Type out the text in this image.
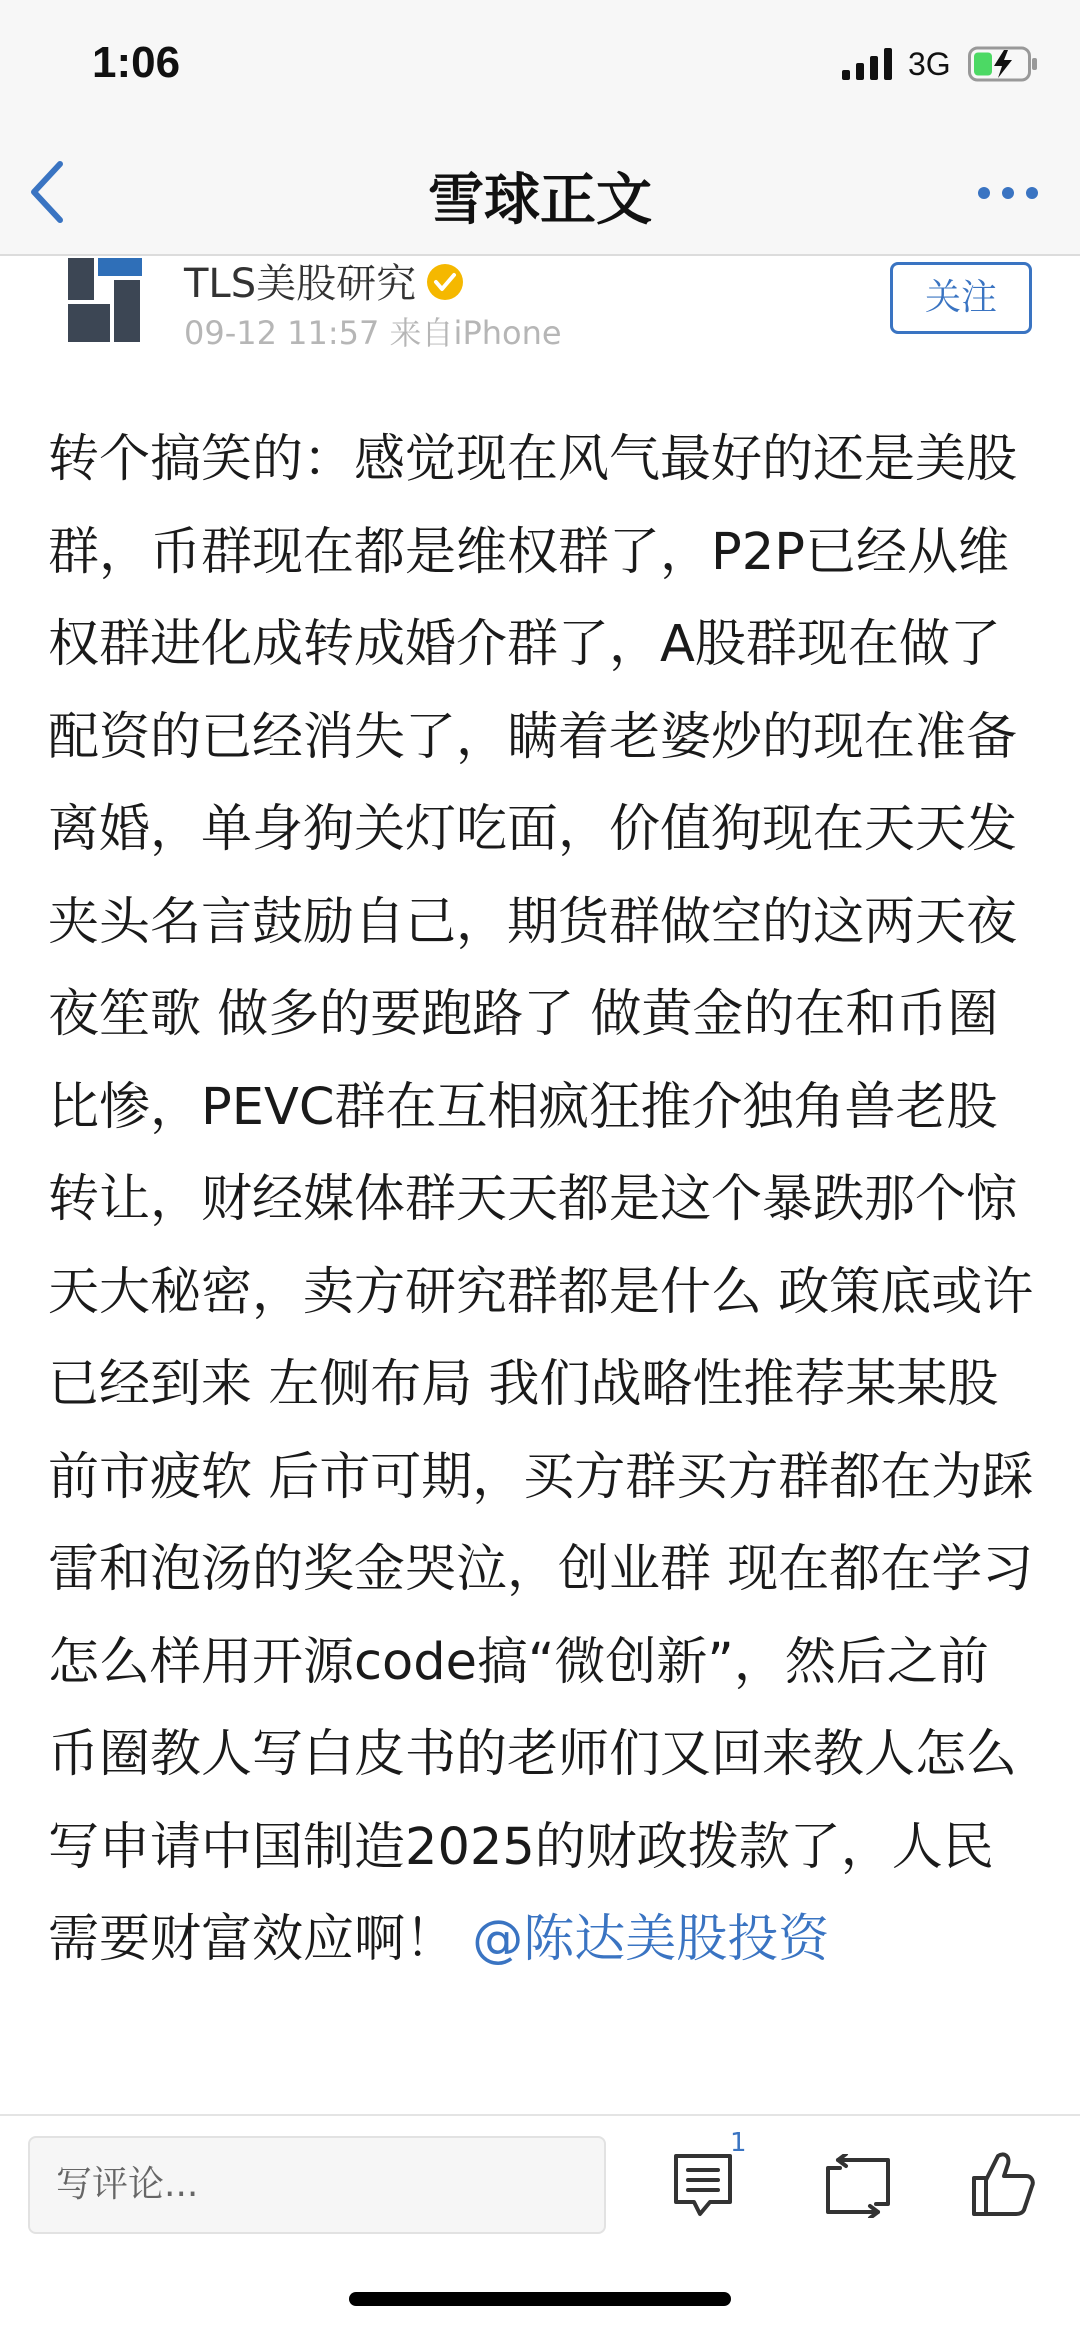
1:06	3G
雪球正文
TLS美股研究
09-12 11:57 来自iPhone
关注
转个搞笑的：感觉现在风气最好的还是美股群，币群现在都是维权群了，P2P已经从维权群进化成转成婚介群了，A股群现在做了配资的已经消失了，瞒着老婆炒的现在准备离婚，单身狗关灯吃面，价值狗现在天天发夹头名言鼓励自己，期货群做空的这两天夜夜笙歌 做多的要跑路了 做黄金的在和币圈比惨，PEVC群在互相疯狂推介独角兽老股转让，财经媒体群天天都是这个暴跌那个惊天大秘密，卖方研究群都是什么 政策底或许已经到来 左侧布局 我们战略性推荐某某股 前市疲软 后市可期，买方群买方群都在为踩雷和泡汤的奖金哭泣，创业群 现在都在学习怎么样用开源code搞“微创新”，然后之前币圈教人写白皮书的老师们又回来教人怎么写申请中国制造2025的财政拨款了，人民需要财富效应啊！ @陈达美股投资
写评论...
1
